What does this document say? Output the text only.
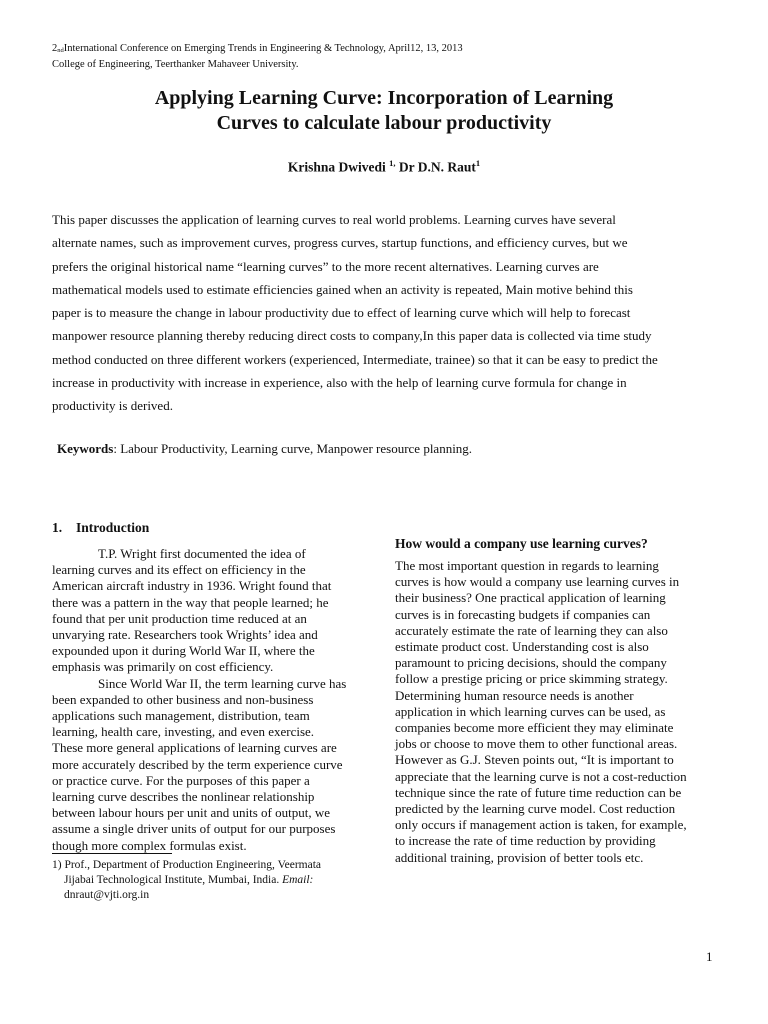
$2_{nd}International$ Conference on Emerging Trends in Engineering & Technology, April12, 13, 2013
College of Engineering, Teerthanker Mahaveer University.
Applying Learning Curve: Incorporation of Learning
Curves to calculate labour productivity
Krishna Dwivedi $^{1,}$ Dr D.N. Raut$^1$
This paper discusses the application of learning curves to real world problems. Learning curves have several
alternate names, such as improvement curves, progress curves, startup functions, and efficiency curves, but we
prefers the original historical name “learning curves” to the more recent alternatives. Learning curves are
mathematical models used to estimate efficiencies gained when an activity is repeated, Main motive behind this
paper is to measure the change in labour productivity due to effect of learning curve which will help to forecast
manpower resource planning thereby reducing direct costs to company,In this paper data is collected via time study
method conducted on three different workers (experienced, Intermediate, trainee) so that it can be easy to predict the
increase in productivity with increase in experience, also with the help of learning curve formula for change in
productivity is derived.
Keywords: Labour Productivity, Learning curve, Manpower resource planning.
1. Introduction
T.P. Wright first documented the idea of
learning curves and its effect on efficiency in the
American aircraft industry in 1936. Wright found that
there was a pattern in the way that people learned; he
found that per unit production time reduced at an
unvarying rate. Researchers took Wrights’ idea and
expounded upon it during World War II, where the
emphasis was primarily on cost efficiency.
Since World War II, the term learning curve has
been expanded to other business and non-business
applications such management, distribution, team
learning, health care, investing, and even exercise.
These more general applications of learning curves are
more accurately described by the term experience curve
or practice curve. For the purposes of this paper a
learning curve describes the nonlinear relationship
between labour hours per unit and units of output, we
assume a single driver units of output for our purposes
though more complex formulas exist.
How would a company use learning curves?
The most important question in regards to learning
curves is how would a company use learning curves in
their business? One practical application of learning
curves is in forecasting budgets if companies can
accurately estimate the rate of learning they can also
estimate product cost. Understanding cost is also
paramount to pricing decisions, should the company
follow a prestige pricing or price skimming strategy.
Determining human resource needs is another
application in which learning curves can be used, as
companies become more efficient they may eliminate
jobs or choose to move them to other functional areas.
However as G.J. Steven points out, “It is important to
appreciate that the learning curve is not a cost-reduction
technique since the rate of future time reduction can be
predicted by the learning curve model. Cost reduction
only occurs if management action is taken, for example,
to increase the rate of time reduction by providing
additional training, provision of better tools etc.
1) Prof., Department of Production Engineering, Veermata
Jijabai Technological Institute, Mumbai, India. Email:
dnraut@vjti.org.in
1
